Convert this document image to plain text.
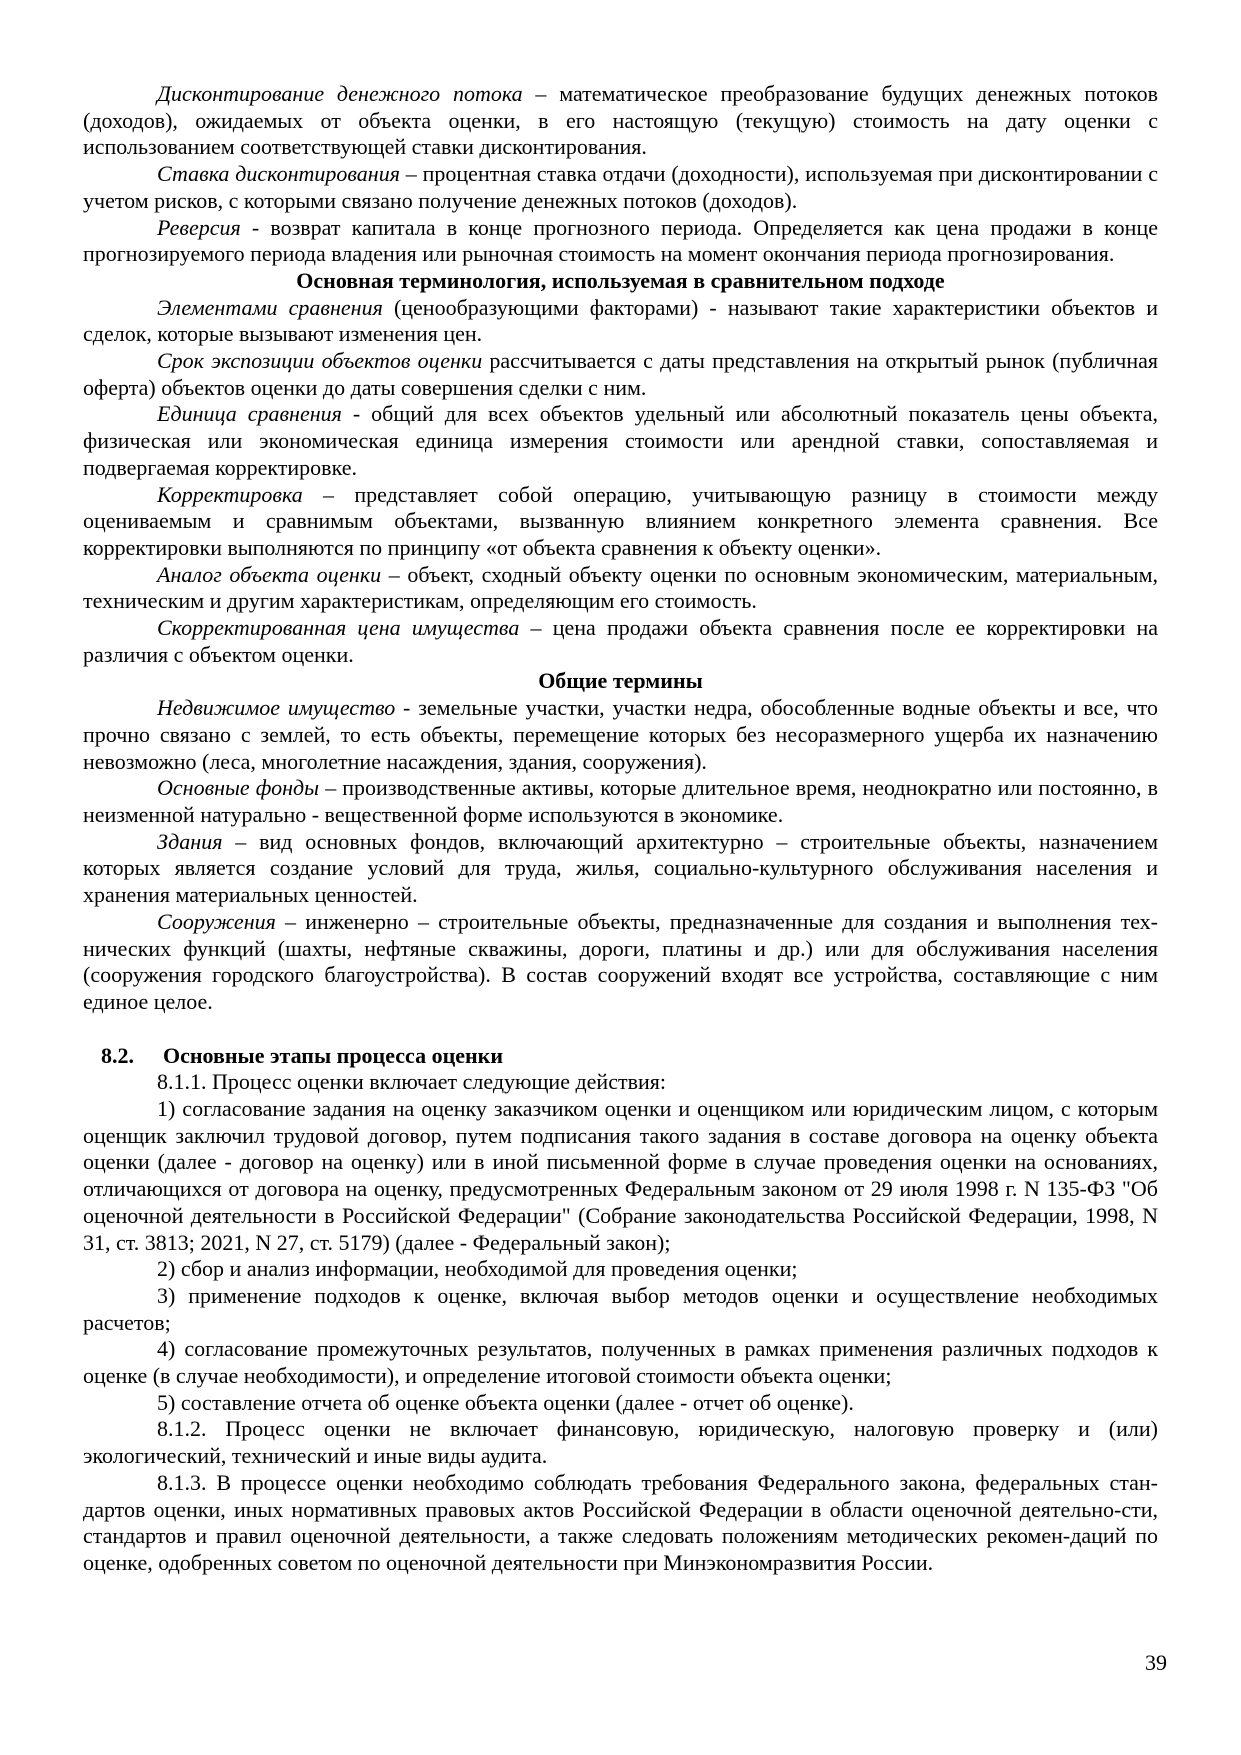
Дисконтирование денежного потока – математическое преобразование будущих денежных потоков (доходов), ожидаемых от объекта оценки, в его настоящую (текущую) стоимость на дату оценки с использованием соответствующей ставки дисконтирования.

Ставка дисконтирования – процентная ставка отдачи (доходности), используемая при дисконтировании с учетом рисков, с которыми связано получение денежных потоков (доходов).

Реверсия - возврат капитала в конце прогнозного периода. Определяется как цена продажи в конце прогнозируемого периода владения или рыночная стоимость на момент окончания периода прогнозирования.

Основная терминология, используемая в сравнительном подходе

Элементами сравнения (ценообразующими факторами) - называют такие характеристики объектов и сделок, которые вызывают изменения цен.

Срок экспозиции объектов оценки рассчитывается с даты представления на открытый рынок (публичная оферта) объектов оценки до даты совершения сделки с ним.

Единица сравнения - общий для всех объектов удельный или абсолютный показатель цены объекта, физическая или экономическая единица измерения стоимости или арендной ставки, сопоставляемая и подвергаемая корректировке.

Корректировка – представляет собой операцию, учитывающую разницу в стоимости между оцениваемым и сравнимым объектами, вызванную влиянием конкретного элемента сравнения. Все корректировки выполняются по принципу «от объекта сравнения к объекту оценки».

Аналог объекта оценки – объект, сходный объекту оценки по основным экономическим, материальным, техническим и другим характеристикам, определяющим его стоимость.

Скорректированная цена имущества – цена продажи объекта сравнения после ее корректировки на различия с объектом оценки.

Общие термины

Недвижимое имущество - земельные участки, участки недра, обособленные водные объекты и все, что прочно связано с землей, то есть объекты, перемещение которых без несоразмерного ущерба их назначению невозможно (леса, многолетние насаждения, здания, сооружения).

Основные фонды – производственные активы, которые длительное время, неоднократно или постоянно, в неизменной натурально - вещественной форме используются в экономике.

Здания – вид основных фондов, включающий архитектурно – строительные объекты, назначением которых является создание условий для труда, жилья, социально-культурного обслуживания населения и хранения материальных ценностей.

Сооружения – инженерно – строительные объекты, предназначенные для создания и выполнения тех-нических функций (шахты, нефтяные скважины, дороги, платины и др.) или для обслуживания населения (сооружения городского благоустройства). В состав сооружений входят все устройства, составляющие с ним единое целое.

8.2. Основные этапы процесса оценки

8.1.1. Процесс оценки включает следующие действия:

1) согласование задания на оценку заказчиком оценки и оценщиком или юридическим лицом, с которым оценщик заключил трудовой договор, путем подписания такого задания в составе договора на оценку объекта оценки (далее - договор на оценку) или в иной письменной форме в случае проведения оценки на основаниях, отличающихся от договора на оценку, предусмотренных Федеральным законом от 29 июля 1998 г. N 135-ФЗ "Об оценочной деятельности в Российской Федерации" (Собрание законодательства Российской Федерации, 1998, N 31, ст. 3813; 2021, N 27, ст. 5179) (далее - Федеральный закон);

2) сбор и анализ информации, необходимой для проведения оценки;

3) применение подходов к оценке, включая выбор методов оценки и осуществление необходимых расчетов;

4) согласование промежуточных результатов, полученных в рамках применения различных подходов к оценке (в случае необходимости), и определение итоговой стоимости объекта оценки;

5) составление отчета об оценке объекта оценки (далее - отчет об оценке).

8.1.2. Процесс оценки не включает финансовую, юридическую, налоговую проверку и (или) экологический, технический и иные виды аудита.

8.1.3. В процессе оценки необходимо соблюдать требования Федерального закона, федеральных стан-дартов оценки, иных нормативных правовых актов Российской Федерации в области оценочной деятельно-сти, стандартов и правил оценочной деятельности, а также следовать положениям методических рекомен-даций по оценке, одобренных советом по оценочной деятельности при Минэкономразвития России.

39
